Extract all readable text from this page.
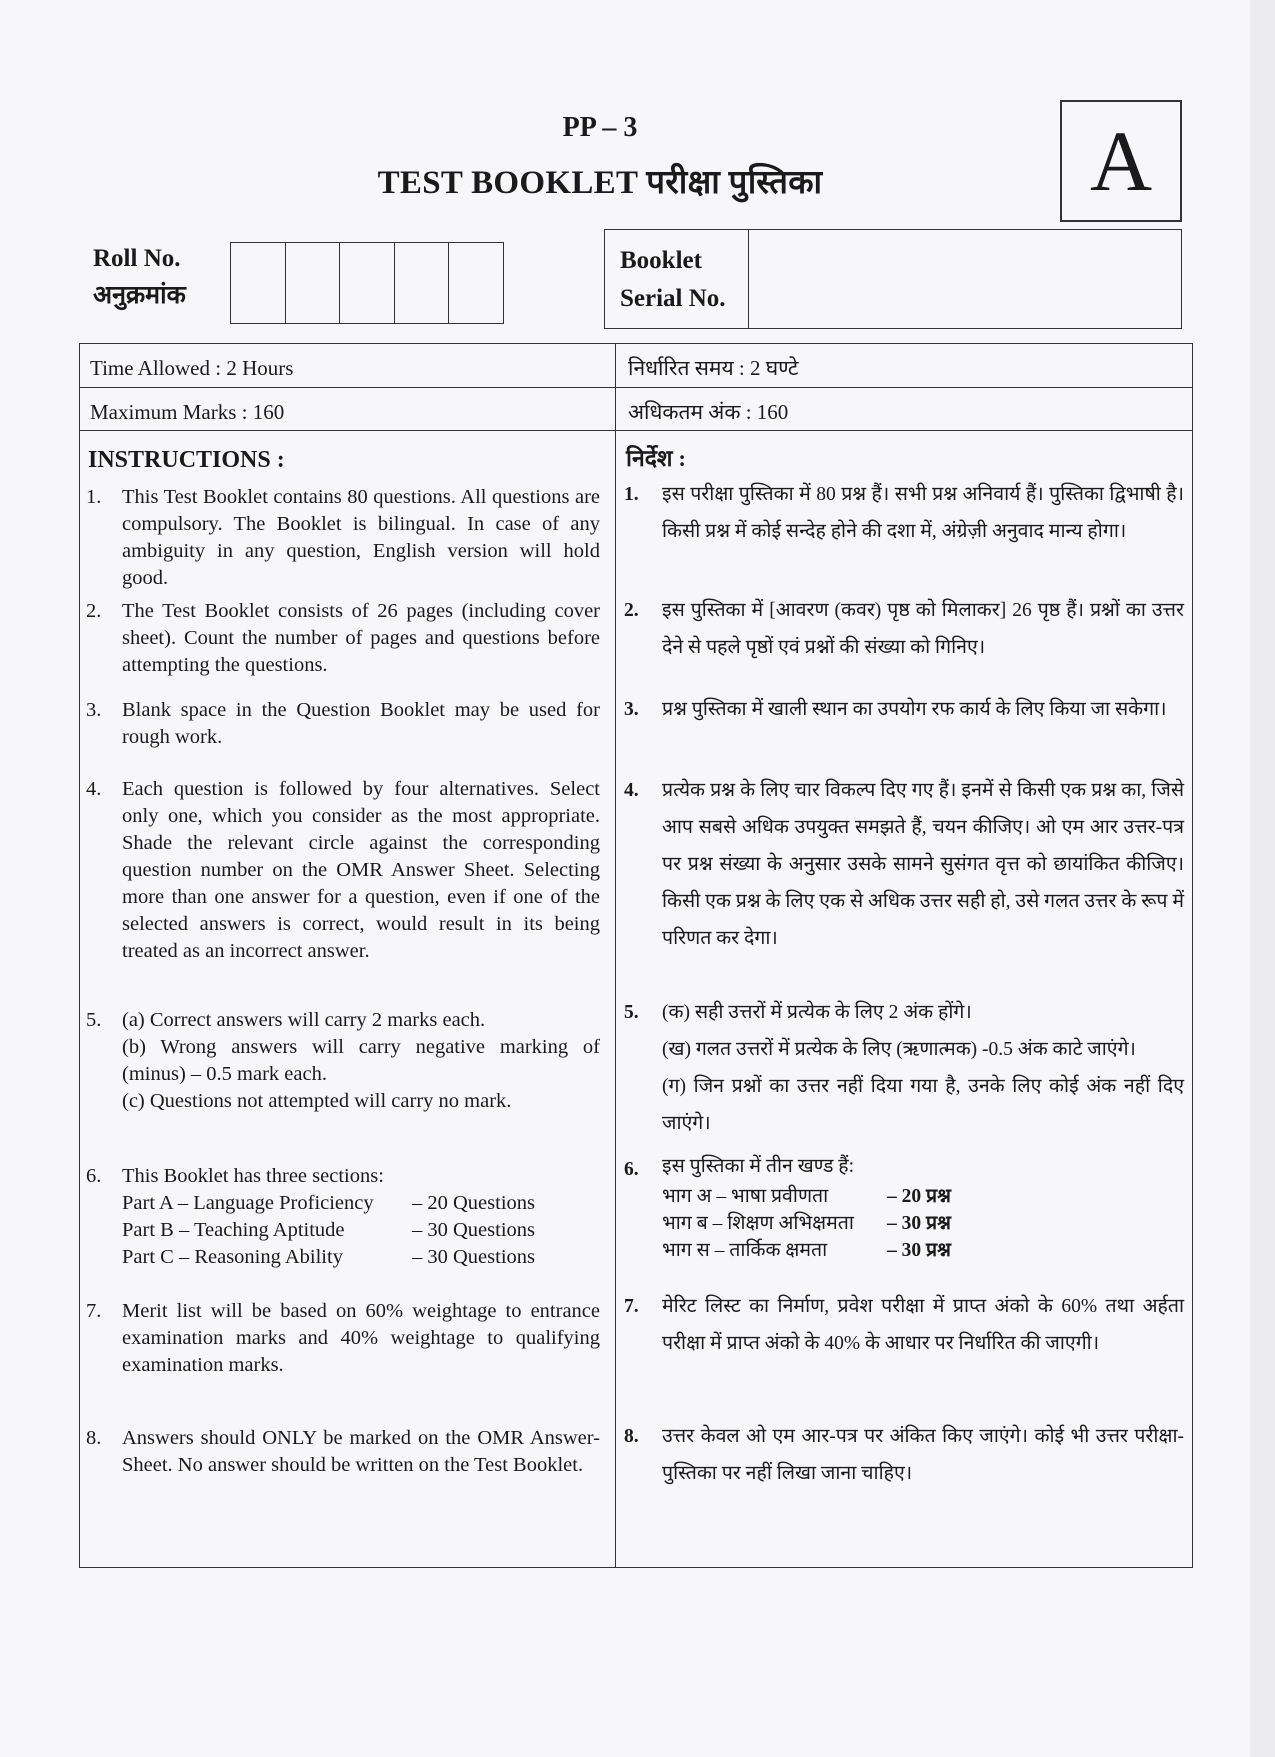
PP – 3
TEST BOOKLET परीक्षा पुस्तिका	A
Roll No.
अनुक्रमांक
Booklet
Serial No.
Time Allowed : 2 Hours	निर्धारित समय : 2 घण्टे
Maximum Marks : 160	अधिकतम अंक : 160
INSTRUCTIONS :	निर्देश :
1. This Test Booklet contains 80 questions. All questions are compulsory. The Booklet is bilingual. In case of any ambiguity in any question, English version will hold good.
1. इस परीक्षा पुस्तिका में 80 प्रश्न हैं। सभी प्रश्न अनिवार्य हैं। पुस्तिका द्विभाषी है। किसी प्रश्न में कोई सन्देह होने की दशा में, अंग्रेज़ी अनुवाद मान्य होगा।
2. The Test Booklet consists of 26 pages (including cover sheet). Count the number of pages and questions before attempting the questions.
2. इस पुस्तिका में [आवरण (कवर) पृष्ठ को मिलाकर] 26 पृष्ठ हैं। प्रश्नों का उत्तर देने से पहले पृष्ठों एवं प्रश्नों की संख्या को गिनिए।
3. Blank space in the Question Booklet may be used for rough work.
3. प्रश्न पुस्तिका में खाली स्थान का उपयोग रफ कार्य के लिए किया जा सकेगा।
4. Each question is followed by four alternatives. Select only one, which you consider as the most appropriate. Shade the relevant circle against the corresponding question number on the OMR Answer Sheet. Selecting more than one answer for a question, even if one of the selected answers is correct, would result in its being treated as an incorrect answer.
4. प्रत्येक प्रश्न के लिए चार विकल्प दिए गए हैं। इनमें से किसी एक प्रश्न का, जिसे आप सबसे अधिक उपयुक्त समझते हैं, चयन कीजिए। ओ एम आर उत्तर-पत्र पर प्रश्न संख्या के अनुसार उसके सामने सुसंगत वृत्त को छायांकित कीजिए। किसी एक प्रश्न के लिए एक से अधिक उत्तर सही हो, उसे गलत उत्तर के रूप में परिणत कर देगा।
5. (a) Correct answers will carry 2 marks each.
(b) Wrong answers will carry negative marking of (minus) – 0.5 mark each.
(c) Questions not attempted will carry no mark.
5. (क) सही उत्तरों में प्रत्येक के लिए 2 अंक होंगे।
(ख) गलत उत्तरों में प्रत्येक के लिए (ऋणात्मक) -0.5 अंक काटे जाएंगे।
(ग) जिन प्रश्नों का उत्तर नहीं दिया गया है, उनके लिए कोई अंक नहीं दिए जाएंगे।
6. This Booklet has three sections:
Part A – Language Proficiency	– 20 Questions
Part B – Teaching Aptitude	– 30 Questions
Part C – Reasoning Ability	– 30 Questions
6. इस पुस्तिका में तीन खण्ड हैं:
भाग अ – भाषा प्रवीणता	– 20 प्रश्न
भाग ब – शिक्षण अभिक्षमता	– 30 प्रश्न
भाग स – तार्किक क्षमता	– 30 प्रश्न
7. Merit list will be based on 60% weightage to entrance examination marks and 40% weightage to qualifying examination marks.
7. मेरिट लिस्ट का निर्माण, प्रवेश परीक्षा में प्राप्त अंको के 60% तथा अर्हता परीक्षा में प्राप्त अंको के 40% के आधार पर निर्धारित की जाएगी।
8. Answers should ONLY be marked on the OMR Answer-Sheet. No answer should be written on the Test Booklet.
8. उत्तर केवल ओ एम आर-पत्र पर अंकित किए जाएंगे। कोई भी उत्तर परीक्षा-पुस्तिका पर नहीं लिखा जाना चाहिए।
